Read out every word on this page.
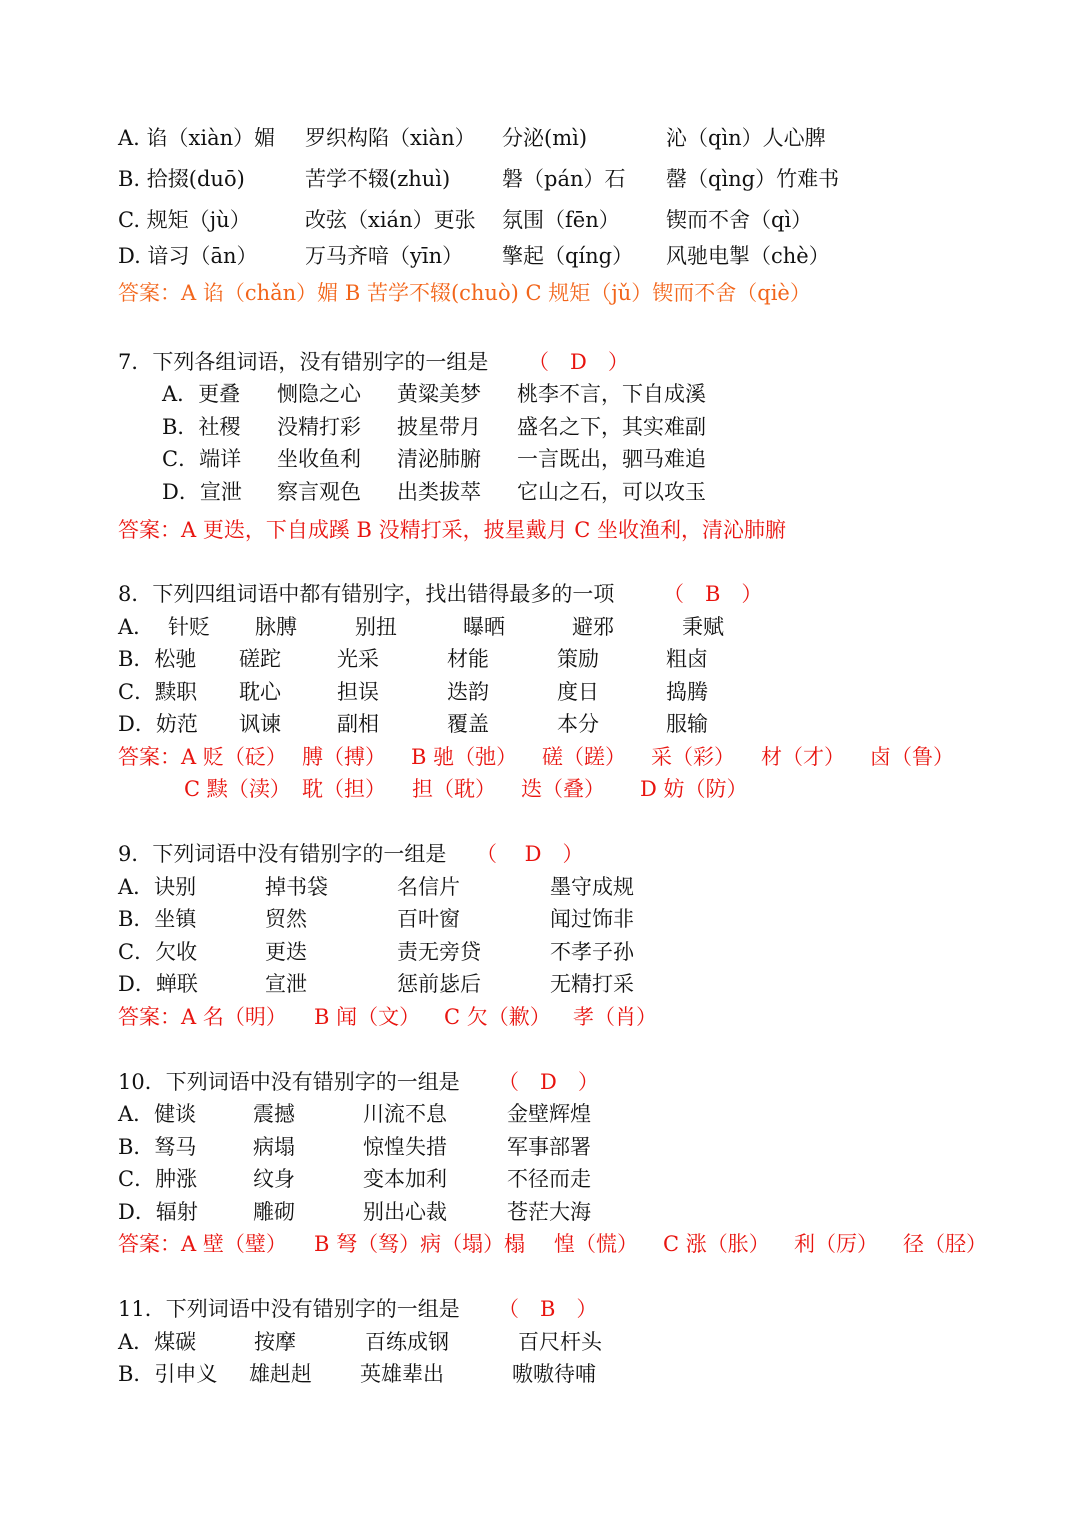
A. 谄（xiàn）媚 罗织构陷（xiàn） 分泌(mì)	沁（qìn）人心脾
B. 拾掇(duō)	苦学不辍(zhuì) 磐（pán）石 罄（qìng）竹难书
C. 规矩（jù）	改弦（xián）更张 氛围（fēn） 锲而不舍（qì）
D. 谙习（ān） 万马齐喑（yīn） 擎起（qíng） 风驰电掣（chè）
答案：A 谄（chǎn）媚 B 苦学不辍(chuò) C 规矩（jǔ）锲而不舍（qiè）
7．下列各组词语，没有错别字的一组是 （　D　）
A．更叠 恻隐之心 黄粱美梦 桃李不言，下自成溪
B．社稷 没精打彩 披星带月 盛名之下，其实难副
C．端详 坐收鱼利 清泌肺腑 一言既出，驷马难追
D．宣泄 察言观色 出类拔萃 它山之石，可以攻玉
答案：A 更迭，下自成蹊 B 没精打采，披星戴月 C 坐收渔利，清沁肺腑
8．下列四组词语中都有错别字，找出错得最多的一项 （　B　）
A． 针贬 脉膊	别扭	曝晒	避邪	秉赋
B．松驰 磋跎	光采	材能	策励	粗卤
C．黩职 耽心	担误	迭韵	度日	捣腾
D．妨范 讽谏	副相	覆盖	本分	服输
答案：A 贬（砭） 膊（搏） B 驰（弛） 磋（蹉） 采（彩） 材（才） 卤（鲁）
C 黩（渎） 耽（担） 担（耽） 迭（叠） D 妨（防）
9．下列词语中没有错别字的一组是 （　 D　）
A．诀别	掉书袋	名信片	墨守成规
B．坐镇	贸然	百叶窗	闻过饰非
C．欠收	更迭	责无旁贷	不孝子孙
D．蝉联	宣泄	惩前毖后	无精打采
答案：A 名（明） B 闻（文） C 欠（歉） 孝（肖）
10．下列词语中没有错别字的一组是 （　D　）
A．健谈	震撼	川流不息	金壁辉煌
B．驽马	病塌	惊惶失措	军事部署
C．肿涨	纹身	变本加利	不径而走
D．辐射	雕砌	别出心裁	苍茫大海
答案：A 壁（璧） B 弩（驽）病（塌）榻 惶（慌） C 涨（胀） 利（厉） 径（胫）
11．下列词语中没有错别字的一组是 （　B　）
A．煤碳	按摩	百练成钢	百尺杆头
B．引申义 雄赳赳 英雄辈出	嗷嗷待哺
